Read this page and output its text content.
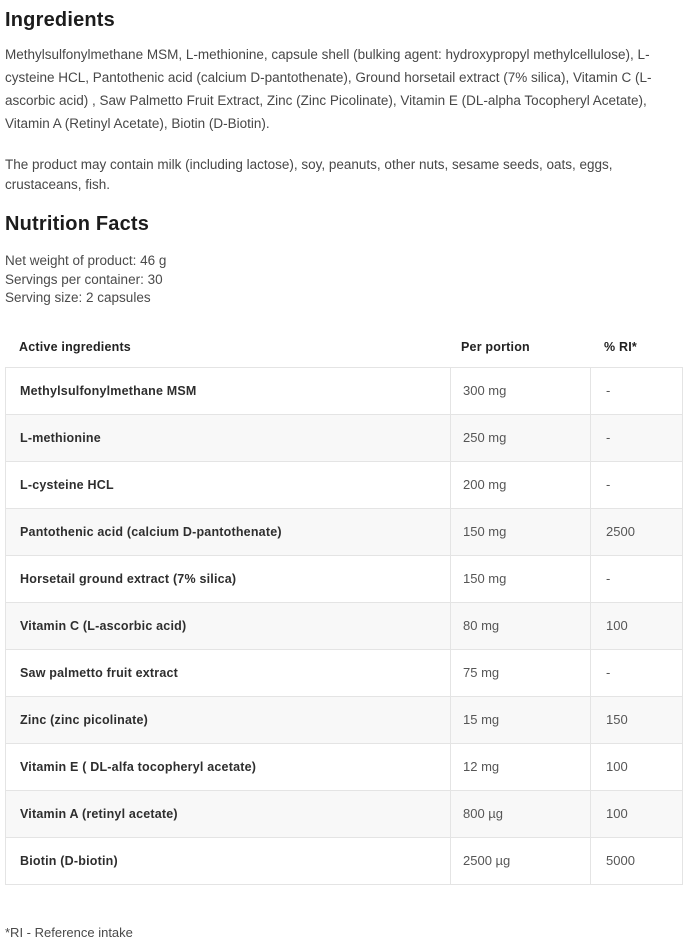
Ingredients

Methylsulfonylmethane MSM, L-methionine, capsule shell (bulking agent: hydroxypropyl methylcellulose), L-cysteine HCL, Pantothenic acid (calcium D-pantothenate), Ground horsetail extract (7% silica), Vitamin C (L-ascorbic acid) , Saw Palmetto Fruit Extract, Zinc (Zinc Picolinate), Vitamin E (DL-alpha Tocopheryl Acetate), Vitamin A (Retinyl Acetate), Biotin (D-Biotin).

The product may contain milk (including lactose), soy, peanuts, other nuts, sesame seeds, oats, eggs, crustaceans, fish.

Nutrition Facts
Net weight of product: 46 g
Servings per container: 30
Serving size: 2 capsules
Active ingredients	Per portion	% RI*
Methylsulfonylmethane MSM	300 mg	-
L-methionine	250 mg	-
L-cysteine HCL	200 mg	-
Pantothenic acid (calcium D-pantothenate)	150 mg	2500
Horsetail ground extract (7% silica)	150 mg	-
Vitamin C (L-ascorbic acid)	80 mg	100
Saw palmetto fruit extract	75 mg	-
Zinc (zinc picolinate)	15 mg	150
Vitamin E ( DL-alfa tocopheryl acetate)	12 mg	100
Vitamin A (retinyl acetate)	800 µg	100
Biotin (D-biotin)	2500 µg	5000
*RI - Reference intake
